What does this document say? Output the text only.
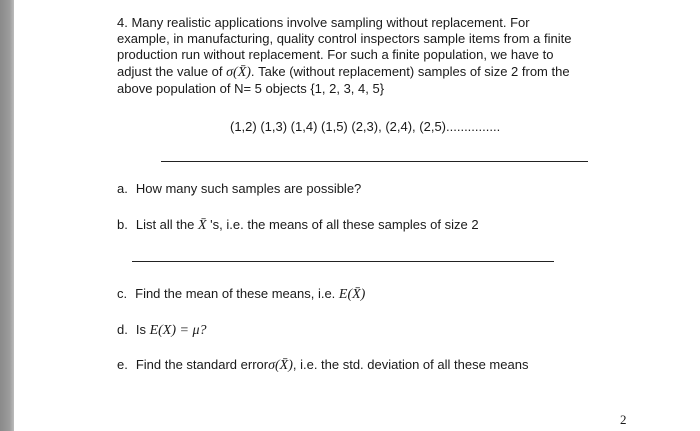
4. Many realistic applications involve sampling without replacement. For
example, in manufacturing, quality control inspectors sample items from a finite
production run without replacement. For such a finite population, we have to
adjust the value of σ(X̄). Take (without replacement) samples of size 2 from the
above population of N= 5 objects {1, 2, 3, 4, 5}
(1,2) (1,3) (1,4) (1,5) (2,3), (2,4), (2,5)...............
a. How many such samples are possible?
b. List all the X̄ 's, i.e. the means of all these samples of size 2
c. Find the mean of these means, i.e. E(X̄)
d. Is E(X) = μ?
e. Find the standard errorσ(X̄), i.e. the std. deviation of all these means
2
